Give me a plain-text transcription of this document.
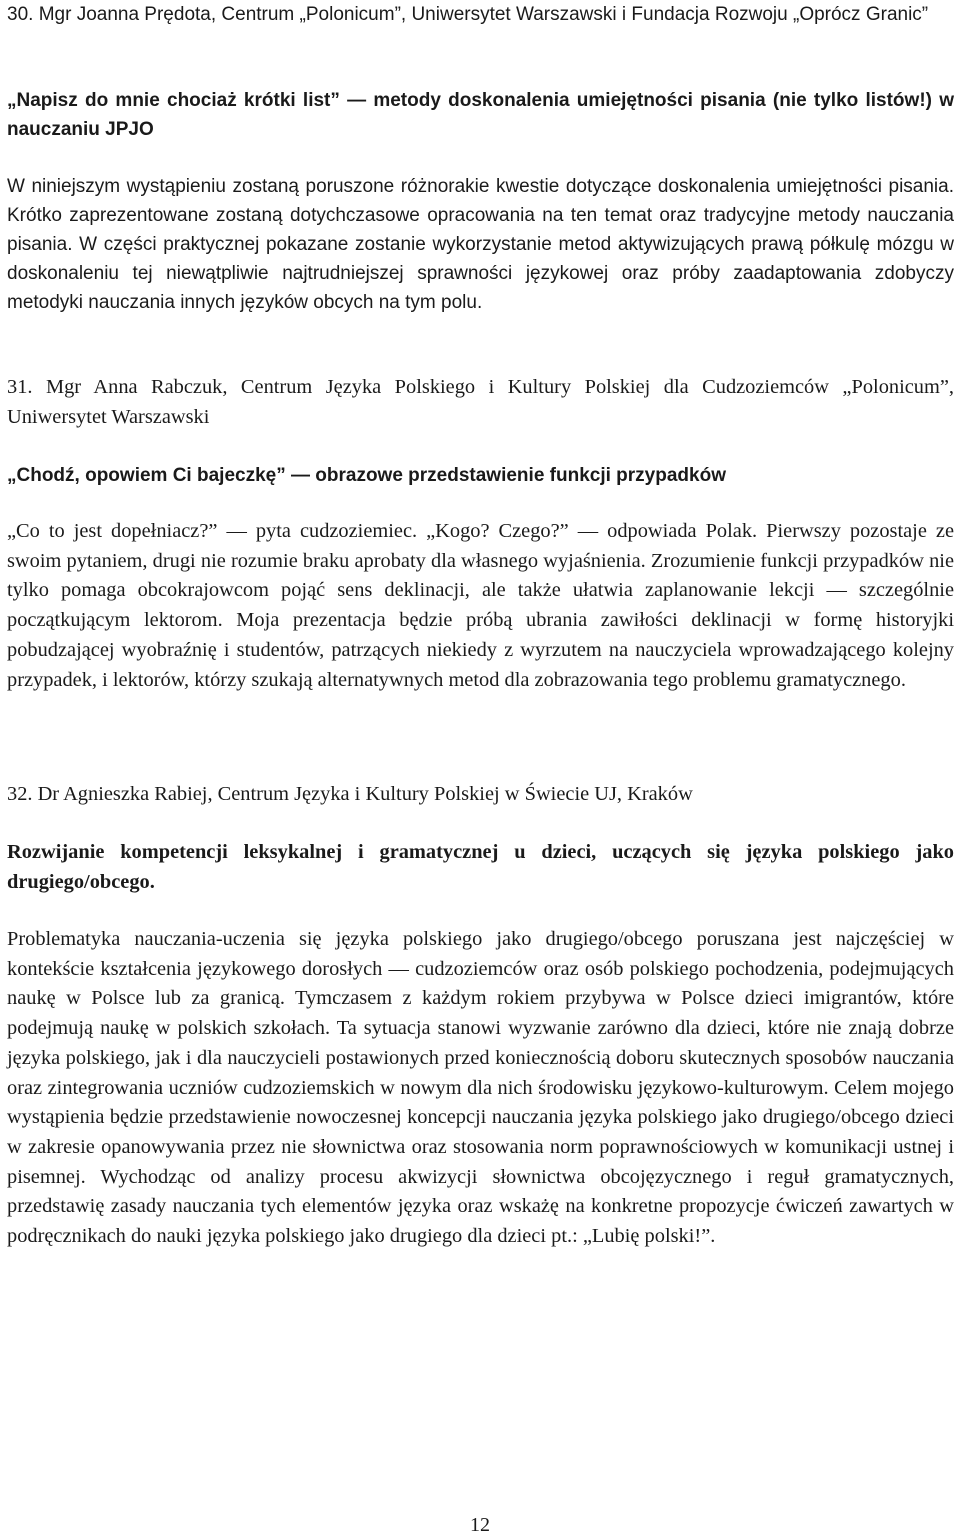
30. Mgr Joanna Prędota, Centrum „Polonicum”, Uniwersytet Warszawski i Fundacja Rozwoju „Oprócz Granic”

„Napisz do mnie chociaż krótki list” — metody doskonalenia umiejętności pisania (nie tylko listów!) w nauczaniu JPJO

W niniejszym wystąpieniu zostaną poruszone różnorakie kwestie dotyczące doskonalenia umiejętności pisania. Krótko zaprezentowane zostaną dotychczasowe opracowania na ten temat oraz tradycyjne metody nauczania pisania. W części praktycznej pokazane zostanie wykorzystanie metod aktywizujących prawą półkulę mózgu w doskonaleniu tej niewątpliwie najtrudniejszej sprawności językowej oraz próby zaadaptowania zdobyczy metodyki nauczania innych języków obcych na tym polu.

31. Mgr Anna Rabczuk, Centrum Języka Polskiego i Kultury Polskiej dla Cudzoziemców „Polonicum”, Uniwersytet Warszawski

„Chodź, opowiem Ci bajeczkę” — obrazowe przedstawienie funkcji przypadków

„Co to jest dopełniacz?” — pyta cudzoziemiec. „Kogo? Czego?” — odpowiada Polak. Pierwszy pozostaje ze swoim pytaniem, drugi nie rozumie braku aprobaty dla własnego wyjaśnienia. Zrozumienie funkcji przypadków nie tylko pomaga obcokrajowcom pojąć sens deklinacji, ale także ułatwia zaplanowanie lekcji — szczególnie początkującym lektorom. Moja prezentacja będzie próbą ubrania zawiłości deklinacji w formę historyjki pobudzającej wyobraźnię i studentów, patrzących niekiedy z wyrzutem na nauczyciela wprowadzającego kolejny przypadek, i lektorów, którzy szukają alternatywnych metod dla zobrazowania tego problemu gramatycznego.

32. Dr Agnieszka Rabiej, Centrum Języka i Kultury Polskiej w Świecie UJ, Kraków

Rozwijanie kompetencji leksykalnej i gramatycznej u dzieci, uczących się języka polskiego jako drugiego/obcego.

Problematyka nauczania-uczenia się języka polskiego jako drugiego/obcego poruszana jest najczęściej w kontekście kształcenia językowego dorosłych — cudzoziemców oraz osób polskiego pochodzenia, podejmujących naukę w Polsce lub za granicą. Tymczasem z każdym rokiem przybywa w Polsce dzieci imigrantów, które podejmują naukę w polskich szkołach. Ta sytuacja stanowi wyzwanie zarówno dla dzieci, które nie znają dobrze języka polskiego, jak i dla nauczycieli postawionych przed koniecznością doboru skutecznych sposobów nauczania oraz zintegrowania uczniów cudzoziemskich w nowym dla nich środowisku językowo-kulturowym. Celem mojego wystąpienia będzie przedstawienie nowoczesnej koncepcji nauczania języka polskiego jako drugiego/obcego dzieci w zakresie opanowywania przez nie słownictwa oraz stosowania norm poprawnościowych w komunikacji ustnej i pisemnej. Wychodząc od analizy procesu akwizycji słownictwa obcojęzycznego i reguł gramatycznych, przedstawię zasady nauczania tych elementów języka oraz wskażę na konkretne propozycje ćwiczeń zawartych w podręcznikach do nauki języka polskiego jako drugiego dla dzieci pt.: „Lubię polski!”.

12
